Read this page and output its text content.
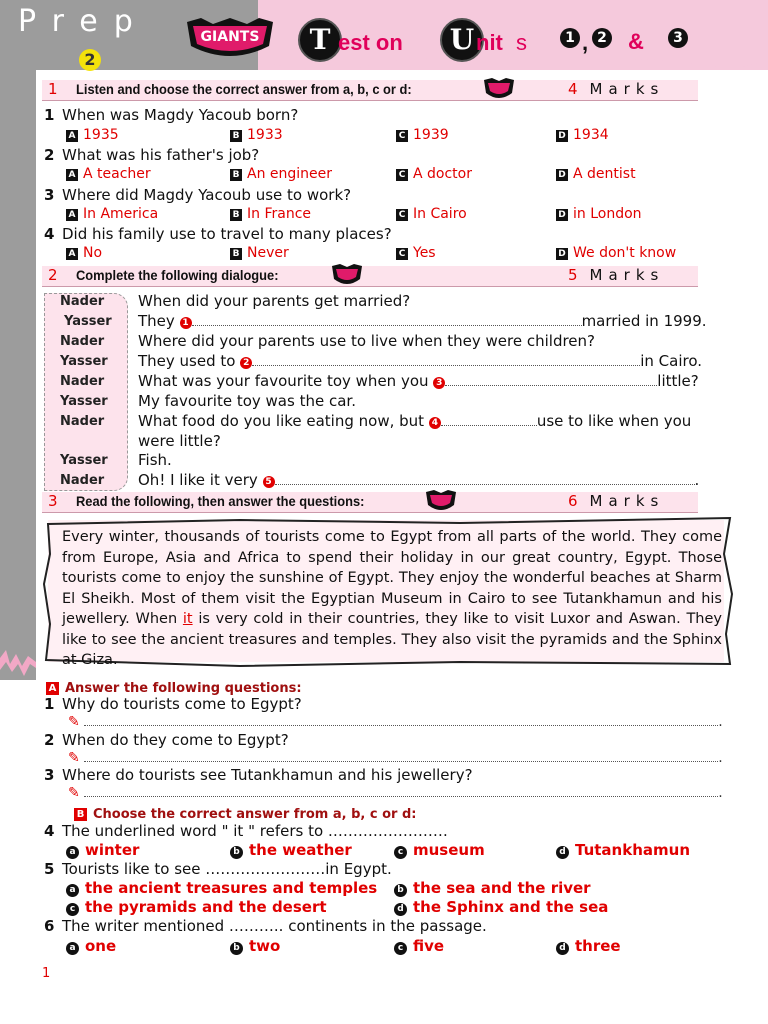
Prep
2
GIANTS	T est on	U nit s	1 , 2 &	3
1 Listen and choose the correct answer from a, b, c or d:	4 Marks
1 When was Magdy Yacoub born?
A 1935	B 1933	C 1939	D 1934
2 What was his father's job?
A A teacher	B An engineer	C A doctor	D A dentist
3 Where did Magdy Yacoub use to work?
A In America	B In France	C In Cairo	D in London
4 Did his family use to travel to many places?
A No	B Never	C Yes	D We don't know
2 Complete the following dialogue:	5 Marks
Nader When did your parents get married?
Yasser They 1	married in 1999.
Nader Where did your parents use to live when they were children?
Yasser They used to 2	in Cairo.
Nader What was your favourite toy when you 3	little?
Yasser My favourite toy was the car.
Nader What food do you like eating now, but 4	use to like when you
were little?
Yasser Fish.
Nader Oh! I like it very 5	.
3 Read the following, then answer the questions:	6 Marks
Every winter, thousands of tourists come to Egypt from all parts of the world. They come from Europe, Asia and Africa to spend their holiday in our great country, Egypt. Those tourists come to enjoy the sunshine of Egypt. They enjoy the wonderful beaches at Sharm El Sheikh. Most of them visit the Egyptian Museum in Cairo to see Tutankhamun and his jewellery. When it is very cold in their countries, they like to visit Luxor and Aswan. They like to see the ancient treasures and temples. They also visit the pyramids and the Sphinx at Giza.
A Answer the following questions:
1 Why do tourists come to Egypt?
✎	.
2 When do they come to Egypt?
✎	.
3 Where do tourists see Tutankhamun and his jewellery?
✎	.
B Choose the correct answer from a, b, c or d:
4 The underlined word " it " refers to ……………………
a winter	b the weather	c museum	d Tutankhamun
5 Tourists like to see ……………………in Egypt.
a the ancient treasures and temples	b the sea and the river
c the pyramids and the desert	d the Sphinx and the sea
6 The writer mentioned ……….. continents in the passage.
a one	b two	c five	d three
1
